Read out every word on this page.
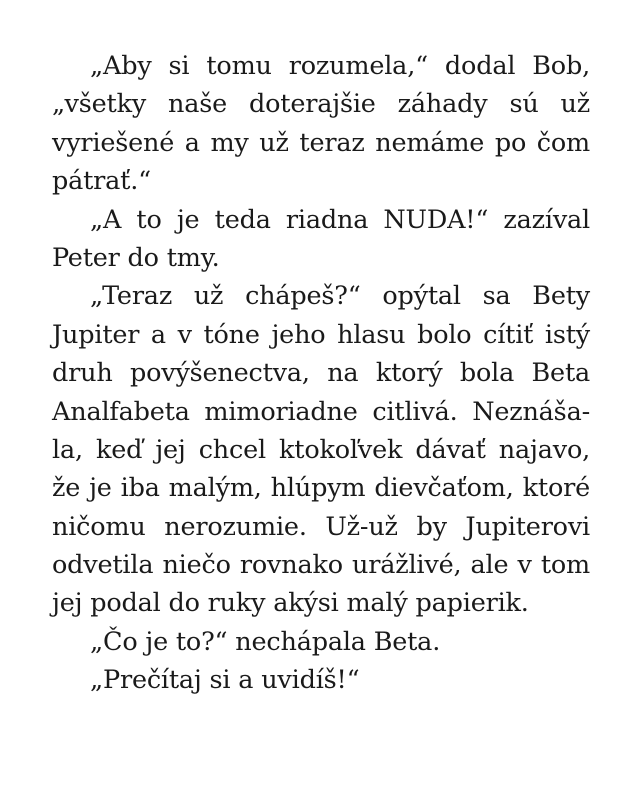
„Aby si tomu rozumela,“ dodal Bob,
„všetky naše doterajšie záhady sú už
vyriešené a my už teraz nemáme po čom
pátrať.“
„A to je teda riadna NUDA!“ zazíval
Peter do tmy.
„Teraz už chápeš?“ opýtal sa Bety
Jupiter a v tóne jeho hlasu bolo cítiť istý
druh povýšenectva, na ktorý bola Beta
Analfabeta mimoriadne citlivá. Neznáša-
la, keď jej chcel ktokoľvek dávať najavo,
že je iba malým, hlúpym dievčaťom, ktoré
ničomu nerozumie. Už-už by Jupiterovi
odvetila niečo rovnako urážlivé, ale v tom
jej podal do ruky akýsi malý papierik.
„Čo je to?“ nechápala Beta.
„Prečítaj si a uvidíš!“
